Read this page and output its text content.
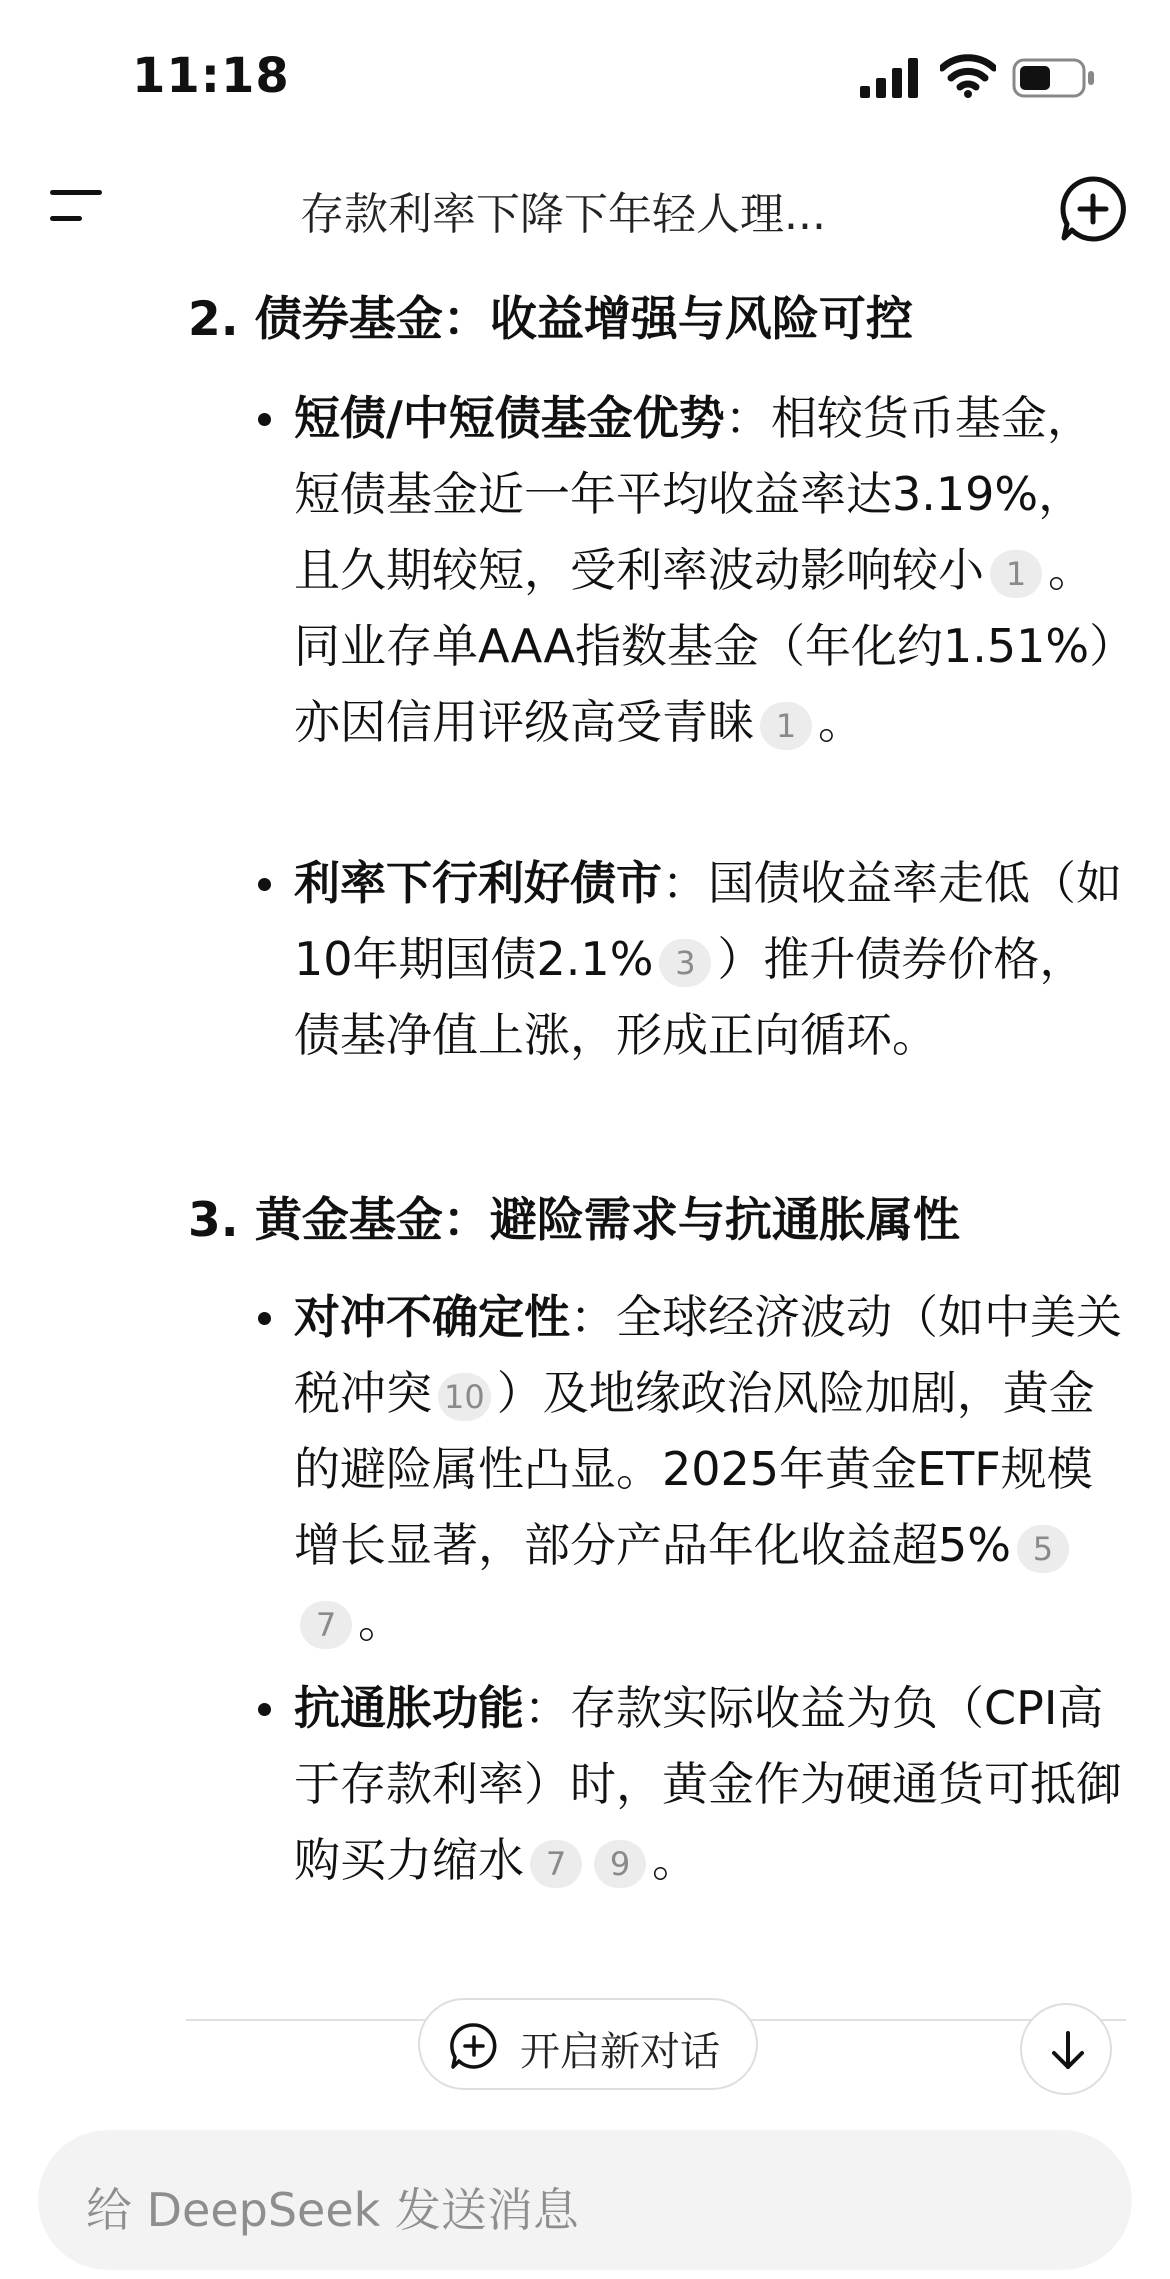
11:18
存款利率下降下年轻人理...
2. 债券基金：收益增强与风险可控
短债/中短债基金优势：相较货币基金，短债基金近一年平均收益率达3.19%，且久期较短，受利率波动影响较小 1 。同业存单AAA指数基金（年化约1.51%）亦因信用评级高受青睐 1 。
利率下行利好债市：国债收益率走低（如10年期国债2.1% 3 ）推升债券价格，债基净值上涨，形成正向循环。
3. 黄金基金：避险需求与抗通胀属性
对冲不确定性：全球经济波动（如中美关税冲突 10 ）及地缘政治风险加剧，黄金的避险属性凸显。2025年黄金ETF规模增长显著，部分产品年化收益超5% 57 。
抗通胀功能：存款实际收益为负（CPI高于存款利率）时，黄金作为硬通货可抵御购买力缩水 7 9 。
开启新对话
给 DeepSeek 发送消息
